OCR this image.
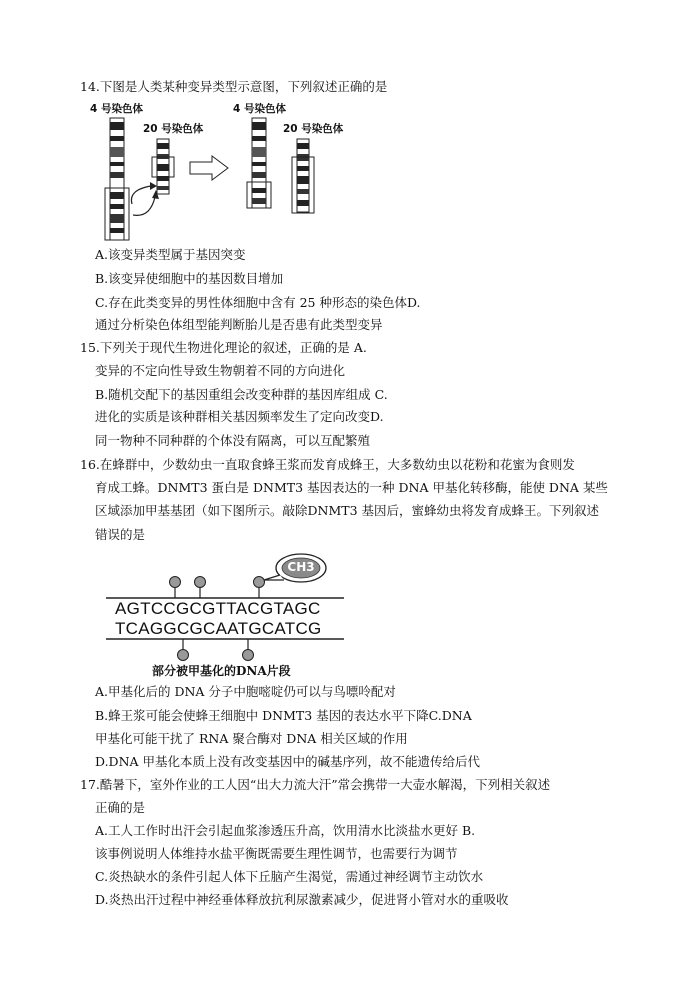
14.下图是人类某种变异类型示意图，下列叙述正确的是
4 号染色体
20 号染色体
4 号染色体
20 号染色体
A.该变异类型属于基因突变
B.该变异使细胞中的基因数目增加
C.存在此类变异的男性体细胞中含有 25 种形态的染色体D.
通过分析染色体组型能判断胎儿是否患有此类型变异
15.下列关于现代生物进化理论的叙述，正确的是 A.
变异的不定向性导致生物朝着不同的方向进化
B.随机交配下的基因重组会改变种群的基因库组成 C.
进化的实质是该种群相关基因频率发生了定向改变D.
同一物种不同种群的个体没有隔离，可以互配繁殖
16.在蜂群中，少数幼虫一直取食蜂王浆而发育成蜂王，大多数幼虫以花粉和花蜜为食则发
育成工蜂。DNMT3 蛋白是 DNMT3 基因表达的一种 DNA 甲基化转移酶，能使 DNA 某些
区域添加甲基基团（如下图所示。敲除DNMT3 基因后，蜜蜂幼虫将发育成蜂王。下列叙述
错误的是
CH3
AGTCCGCGTTACGTAGC
TCAGGCGCAATGCATCG
部分被甲基化的DNA片段
A.甲基化后的 DNA 分子中胞嘧啶仍可以与鸟嘌呤配对
B.蜂王浆可能会使蜂王细胞中 DNMT3 基因的表达水平下降C.DNA
甲基化可能干扰了 RNA 聚合酶对 DNA 相关区域的作用
D.DNA 甲基化本质上没有改变基因中的碱基序列，故不能遗传给后代
17.酷暑下，室外作业的工人因“出大力流大汗”常会携带一大壶水解渴，下列相关叙述
正确的是
A.工人工作时出汗会引起血浆渗透压升高，饮用清水比淡盐水更好 B.
该事例说明人体维持水盐平衡既需要生理性调节，也需要行为调节
C.炎热缺水的条件引起人体下丘脑产生渴觉，需通过神经调节主动饮水
D.炎热出汗过程中神经垂体释放抗利尿激素减少，促进肾小管对水的重吸收
